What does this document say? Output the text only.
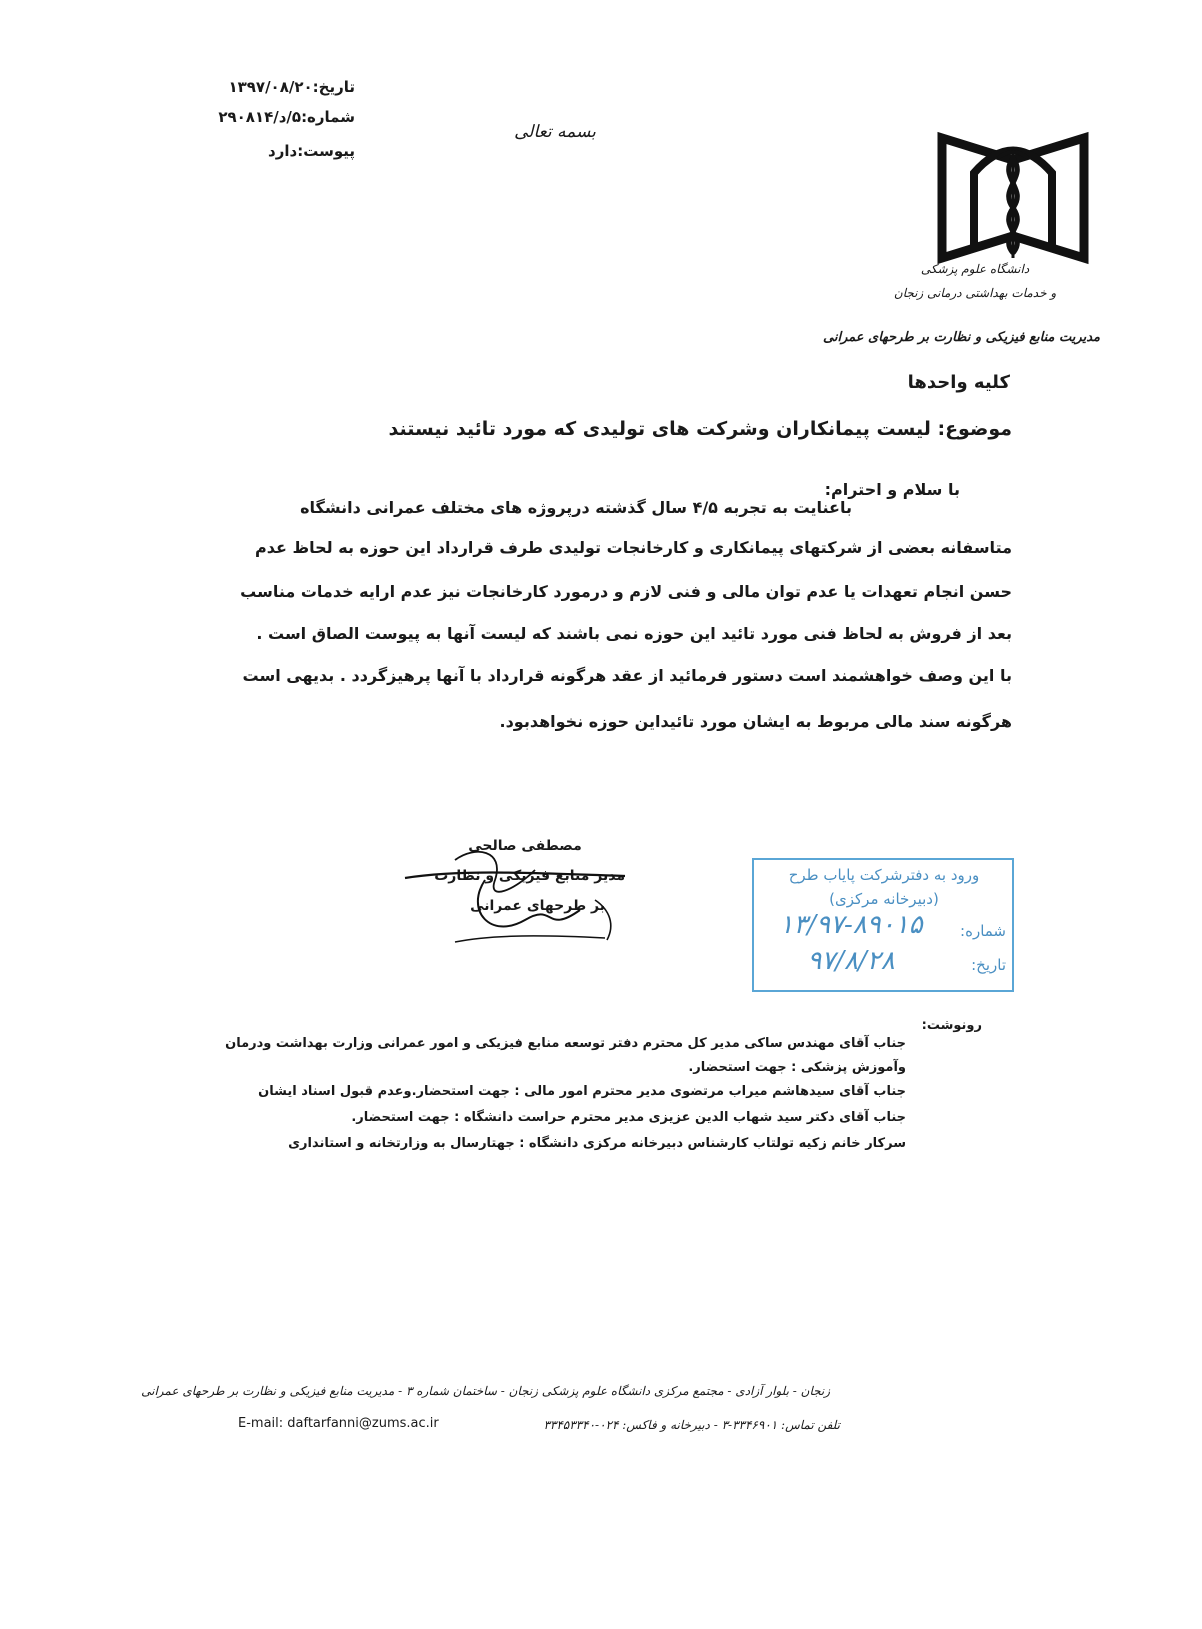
تاریخ:۱۳۹۷/۰۸/۲۰
شماره:۵/د/۲۹۰۸۱۴
پیوست:دارد
بسمه تعالی
دانشگاه علوم پزشکی
و خدمات بهداشتی درمانی زنجان
مدیریت منابع فیزیکی و نظارت بر طرحهای عمرانی
کلیه واحدها
موضوع: لیست پیمانکاران وشرکت های تولیدی که مورد تائید نیستند
با سلام و احترام:
باعنایت به تجربه ۴/۵ سال گذشته درپروژه های مختلف عمرانی دانشگاه
متاسفانه بعضی از شرکتهای پیمانکاری و کارخانجات تولیدی طرف قرارداد این حوزه به لحاظ عدم
حسن انجام تعهدات یا عدم توان مالی و فنی لازم و درمورد کارخانجات نیز عدم ارایه خدمات مناسب
بعد از فروش به لحاظ فنی مورد تائید این حوزه نمی باشند که لیست آنها به پیوست الصاق است .
با این وصف خواهشمند است دستور فرمائید از عقد هرگونه قرارداد با آنها پرهیزگردد . بدیهی است
هرگونه سند مالی مربوط به ایشان مورد تائیداین حوزه نخواهدبود.
مصطفی صالحی
مدیر منابع فیزیکی و نظارت
بر طرحهای عمرانی
ورود به دفترشرکت پایاب طرح
(دبیرخانه مرکزی)
شماره:
۱۳/۹۷-۸۹۰۱۵
تاریخ:
۹۷/۸/۲۸
رونوشت:
جناب آقای مهندس ساکی مدیر کل محترم دفتر توسعه منابع فیزیکی و امور عمرانی وزارت بهداشت ودرمان
وآموزش پزشکی : جهت استحضار.
جناب آقای سیدهاشم میراب مرتضوی مدیر محترم امور مالی : جهت استحضار.وعدم قبول اسناد ایشان
جناب آقای دکتر سید شهاب الدین عزیزی مدیر محترم حراست دانشگاه : جهت استحضار.
سرکار خانم زکیه تولتاب کارشناس دبیرخانه مرکزی دانشگاه : جهتارسال به وزارتخانه و استانداری
زنجان - بلوار آزادی - مجتمع مرکزی دانشگاه علوم پزشکی زنجان - ساختمان شماره ۳ - مدیریت منابع فیزیکی و نظارت بر طرحهای عمرانی
E-mail: daftarfanni@zums.ac.ir	تلفن تماس: ۳۳۴۶۹۰۱-۳ - دبیرخانه و فاکس: ۰۲۴-۳۳۴۵۳۳۴۰
